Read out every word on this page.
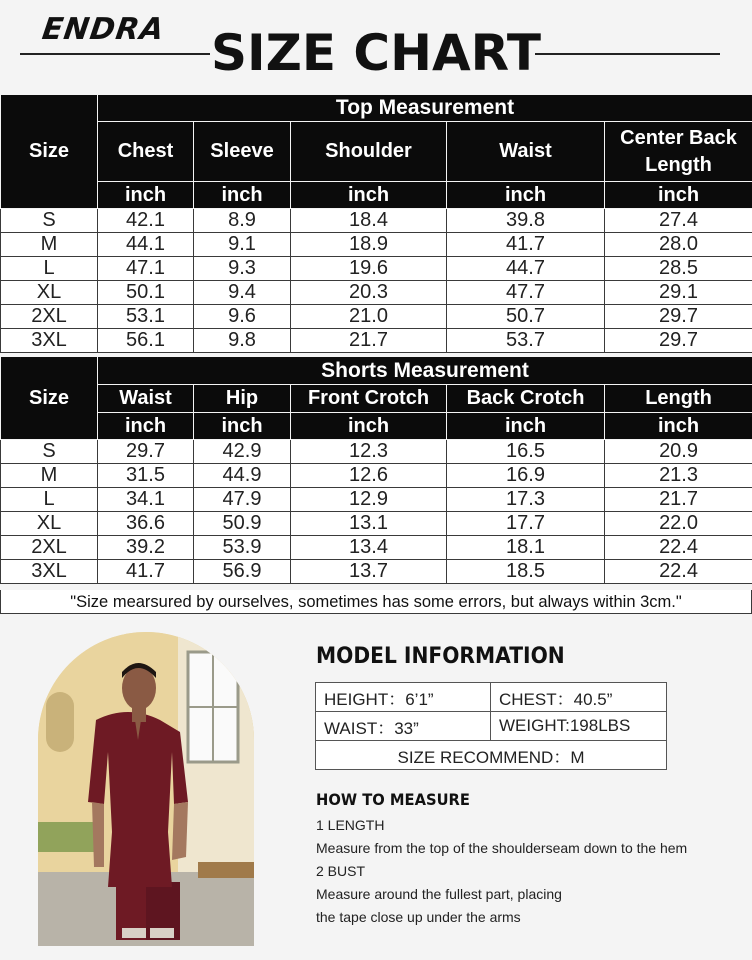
ENDRA SIZE CHART
Size	Top Measurement				
	Chest	Sleeve	Shoulder	Waist	Center Back Length
	inch	inch	inch	inch	inch
S	42.1	8.9	18.4	39.8	27.4
M	44.1	9.1	18.9	41.7	28.0
L	47.1	9.3	19.6	44.7	28.5
XL	50.1	9.4	20.3	47.7	29.1
2XL	53.1	9.6	21.0	50.7	29.7
3XL	56.1	9.8	21.7	53.7	29.7
Size	Shorts Measurement				
	Waist	Hip	Front Crotch	Back Crotch	Length
	inch	inch	inch	inch	inch
S	29.7	42.9	12.3	16.5	20.9
M	31.5	44.9	12.6	16.9	21.3
L	34.1	47.9	12.9	17.3	21.7
XL	36.6	50.9	13.1	17.7	22.0
2XL	39.2	53.9	13.4	18.1	22.4
3XL	41.7	56.9	13.7	18.5	22.4
"Size mearsured by ourselves, sometimes has some errors, but always within 3cm."
MODEL INFORMATION
HEIGHT：6’1”	CHEST：40.5”
WAIST：33”	WEIGHT:198LBS
SIZE RECOMMEND：M	
HOW TO MEASURE
1 LENGTH
Measure from the top of the shoulderseam down to the hem
2 BUST
Measure around the fullest part, placing
the tape close up under the arms
